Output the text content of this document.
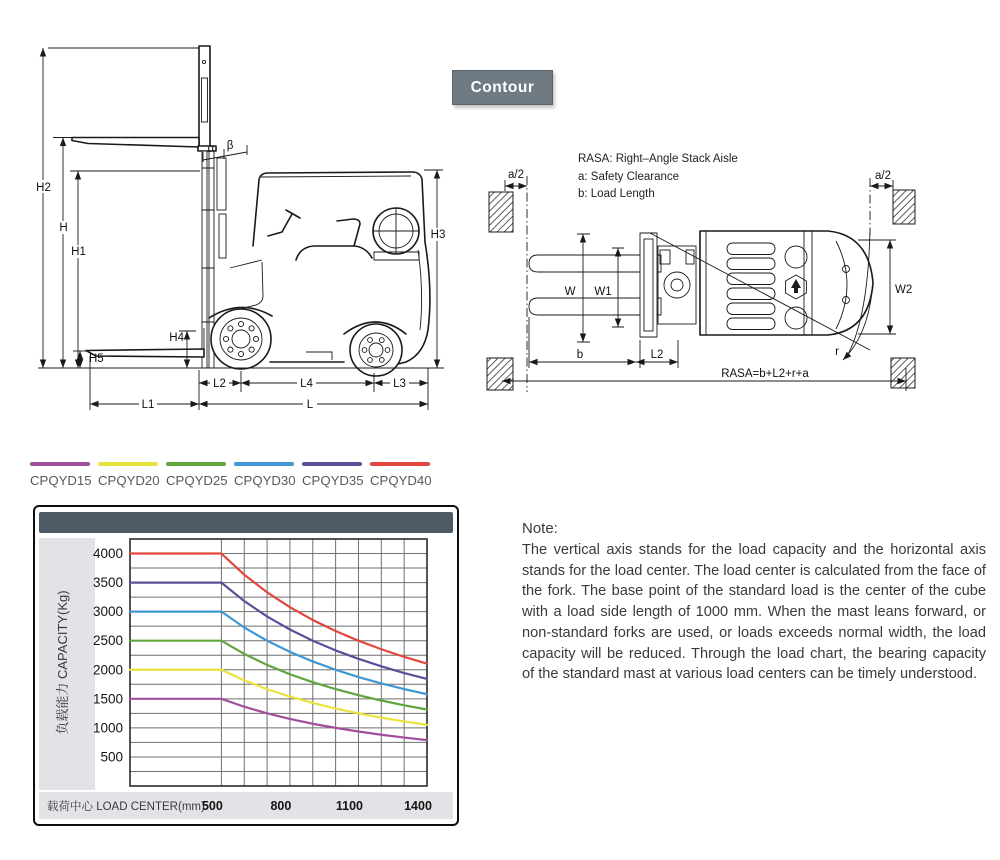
H2
H
H1
H3
H4
H5
α β
L2	L4	L3
L1	L
RASA: Right–Angle Stack Aisle
a: Safety Clearance
b: Load Length
a/2	a/2
W W1	W2
b	L2	r
RASA=b+L2+r+a
Contour
CPQYD15 CPQYD20 CPQYD25 CPQYD30 CPQYD35 CPQYD40
500
1000
1500
2000
2500
3000
3500
4000
负载能力 CAPACITY(Kg)
载荷中心 LOAD CENTER(mm)
500	800	1100	1400
Note:

The vertical axis stands for the load capacity and the horizontal axis stands for the load center. The load center is calculated from the face of the fork. The base point of the standard load is the center of the cube with a load side length of 1000 mm. When the mast leans forward, or non-standard forks are used, or loads exceeds normal width, the load capacity will be reduced. Through the load chart, the bearing capacity of the standard mast at various load centers can be timely understood.
